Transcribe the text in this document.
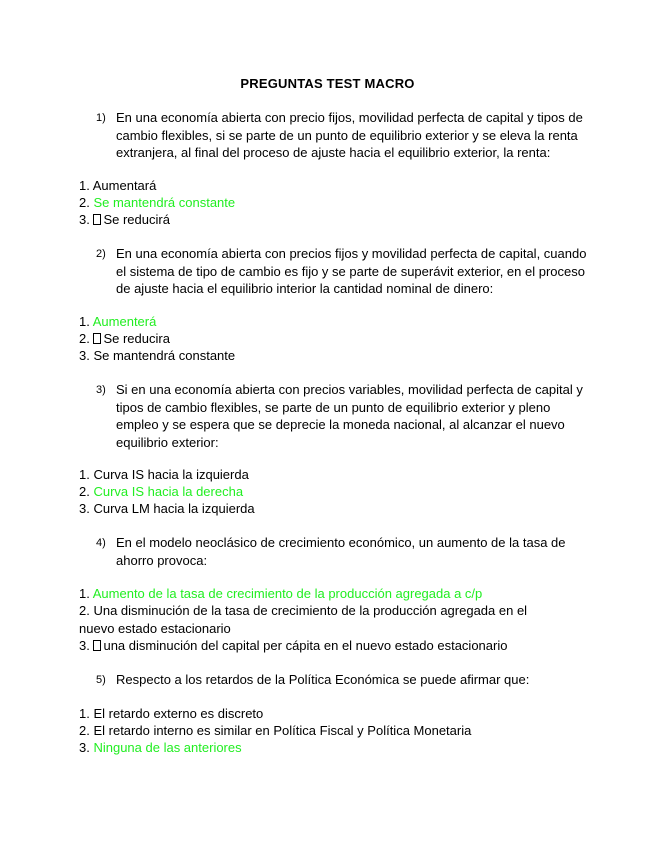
PREGUNTAS TEST MACRO
1) En una economía abierta con precio fijos, movilidad perfecta de capital y tipos de cambio flexibles, si se parte de un punto de equilibrio exterior y se eleva la renta extranjera, al final del proceso de ajuste hacia el equilibrio exterior, la renta:
1. Aumentará
2. Se mantendrá constante
3. Se reducirá
2) En una economía abierta con precios fijos y movilidad perfecta de capital, cuando el sistema de tipo de cambio es fijo y se parte de superávit exterior, en el proceso de ajuste hacia el equilibrio interior la cantidad nominal de dinero:
1. Aumenterá
2. Se reducira
3. Se mantendrá constante
3) Si en una economía abierta con precios variables, movilidad perfecta de capital y tipos de cambio flexibles, se parte de un punto de equilibrio exterior y pleno empleo y se espera que se deprecie la moneda nacional, al alcanzar el nuevo equilibrio exterior:
1. Curva IS hacia la izquierda
2. Curva IS hacia la derecha
3. Curva LM hacia la izquierda
4) En el modelo neoclásico de crecimiento económico, un aumento de la tasa de ahorro provoca:
1. Aumento de la tasa de crecimiento de la producción agregada a c/p
2. Una disminución de la tasa de crecimiento de la producción agregada en el nuevo estado estacionario
3. una disminución del capital per cápita en el nuevo estado estacionario
5) Respecto a los retardos de la Política Económica se puede afirmar que:
1. El retardo externo es discreto
2. El retardo interno es similar en Política Fiscal y Política Monetaria
3. Ninguna de las anteriores
